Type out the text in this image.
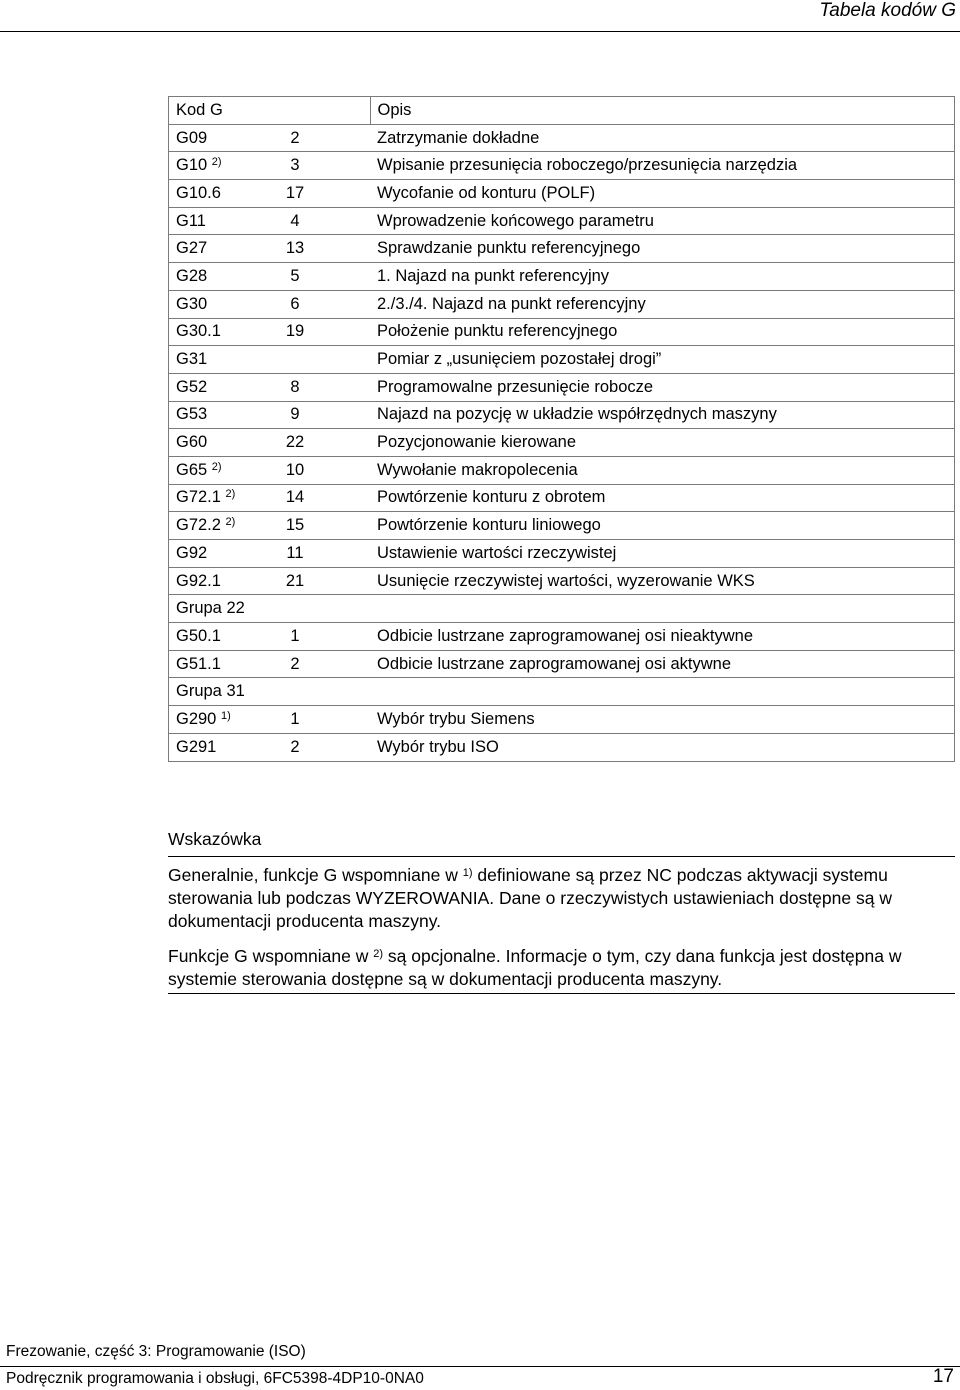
Tabela kodów G
Kod G		Opis
G09	2	Zatrzymanie dokładne
G10 $^{2)}$	3	Wpisanie przesunięcia roboczego/przesunięcia narzędzia
G10.6	17	Wycofanie od konturu (POLF)
G11	4	Wprowadzenie końcowego parametru
G27	13	Sprawdzanie punktu referencyjnego
G28	5	1. Najazd na punkt referencyjny
G30	6	2./3./4. Najazd na punkt referencyjny
G30.1	19	Położenie punktu referencyjnego
G31		Pomiar z „usunięciem pozostałej drogi”
G52	8	Programowalne przesunięcie robocze
G53	9	Najazd na pozycję w układzie współrzędnych maszyny
G60	22	Pozycjonowanie kierowane
G65 $^{2)}$	10	Wywołanie makropolecenia
G72.1 $^{2)}$	14	Powtórzenie konturu z obrotem
G72.2 $^{2)}$	15	Powtórzenie konturu liniowego
G92	11	Ustawienie wartości rzeczywistej
G92.1	21	Usunięcie rzeczywistej wartości, wyzerowanie WKS
Grupa 22		
G50.1	1	Odbicie lustrzane zaprogramowanej osi nieaktywne
G51.1	2	Odbicie lustrzane zaprogramowanej osi aktywne
Grupa 31		
G290 $^{1)}$	1	Wybór trybu Siemens
G291	2	Wybór trybu ISO
Wskazówka
Generalnie, funkcje G wspomniane w $^{1)}$ definiowane są przez NC podczas aktywacji systemu sterowania lub podczas WYZEROWANIA. Dane o rzeczywistych ustawieniach dostępne są w dokumentacji producenta maszyny.
Funkcje G wspomniane w $^{2)}$ są opcjonalne. Informacje o tym, czy dana funkcja jest dostępna w systemie sterowania dostępne są w dokumentacji producenta maszyny.
Frezowanie, część 3: Programowanie (ISO)
Podręcznik programowania i obsługi, 6FC5398-4DP10-0NA0	17
